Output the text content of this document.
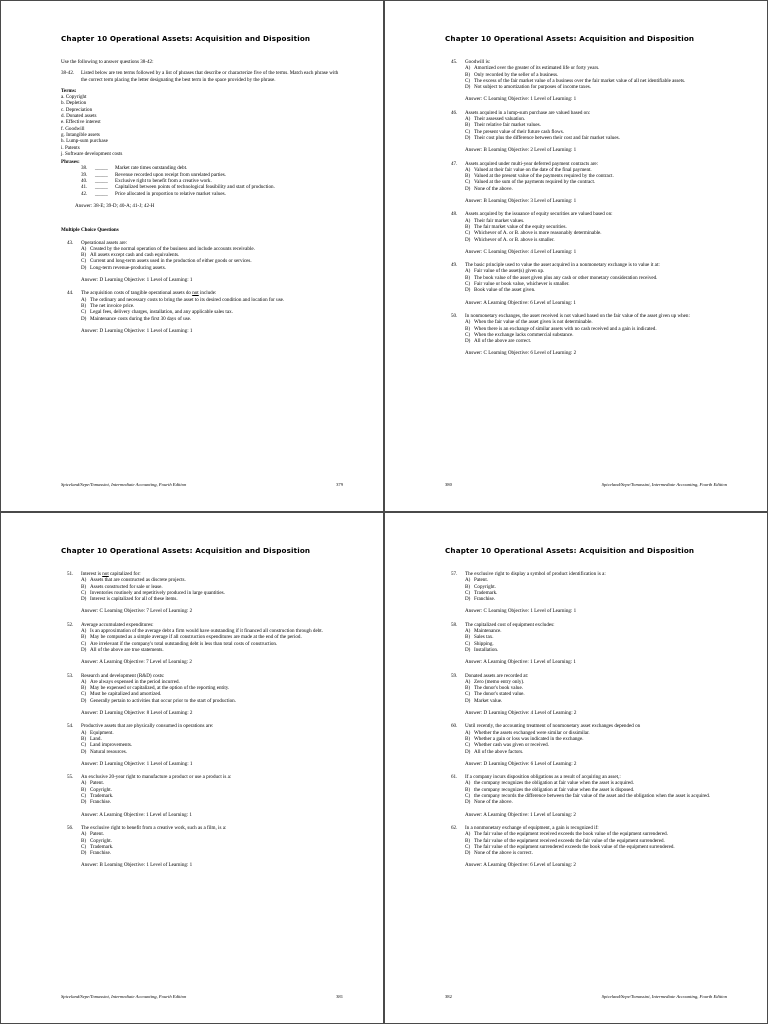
Chapter 10 Operational Assets: Acquisition and Disposition

Use the following to answer questions 38-42:

38-42.	Listed below are ten terms followed by a list of phrases that describe or characterize five of the terms. Match each phrase with the correct term placing the letter designating the best term in the space provided by the phrase.

Terms:

a. Copyright
b. Depletion
c. Depreciation
d. Donated assets
e. Effective interest
f. Goodwill
g. Intangible assets
h. Lump-sum purchase
i. Patents
j. Software development costs

Phrases:

38.	_____	Market rate times outstanding debt.
39.	_____	Revenue recorded upon receipt from unrelated parties.
40.	_____	Exclusive right to benefit from a creative work.
41.	_____	Capitalized between points of technological feasibility and start of production.
42.	_____	Price allocated in proportion to relative market values.

Answer: 38-E; 39-D; 40-A; 41-J; 42-H

Multiple Choice Questions

43.	Operational assets are:
A) Created by the normal operation of the business and include accounts receivable.
B) All assets except cash and cash equivalents.
C) Current and long-term assets used in the production of either goods or services.
D) Long-term revenue-producing assets.

Answer: D Learning Objective: 1 Level of Learning: 1

44.	The acquisition costs of tangible operational assets do not include:
A) The ordinary and necessary costs to bring the asset to its desired condition and location for use.
B) The net invoice price.
C) Legal fees, delivery charges, installation, and any applicable sales tax.
D) Maintenance costs during the first 30 days of use.

Answer: D Learning Objective: 1 Level of Learning: 1

Spiceland/Sepe/Tomassini, Intermediate Accounting, Fourth Edition	379
Chapter 10 Operational Assets: Acquisition and Disposition
45.	Goodwill is:
A) Amortized over the greater of its estimated life or forty years.
B) Only recorded by the seller of a business.
C) The excess of the fair market value of a business over the fair market value of all net identifiable assets.
D) Not subject to amortization for purposes of income taxes.

Answer: C Learning Objective: 1 Level of Learning: 1

46.	Assets acquired in a lump-sum purchase are valued based on:
A) Their assessed valuation.
B) Their relative fair market values.
C) The present value of their future cash flows.
D) Their cost plus the difference between their cost and fair market values.

Answer: B Learning Objective: 2 Level of Learning: 1

47.	Assets acquired under multi-year deferred payment contracts are:
A) Valued at their fair value on the date of the final payment.
B) Valued at the present value of the payments required by the contract.
C) Valued at the sum of the payments required by the contract.
D) None of the above.

Answer: B Learning Objective: 3 Level of Learning: 1

48.	Assets acquired by the issuance of equity securities are valued based on:
A) Their fair market values.
B) The fair market value of the equity securities.
C) Whichever of A. or B. above is more reasonably determinable.
D) Whichever of A. or B. above is smaller.

Answer: C Learning Objective: 4 Level of Learning: 1

49.	The basic principle used to value the asset acquired in a nonmonetary exchange is to value it at:
A) Fair value of the asset(s) given up.
B) The book value of the asset given plus any cash or other monetary consideration received.
C) Fair value or book value, whichever is smaller.
D) Book value of the asset given.

Answer: A Learning Objective: 6 Level of Learning: 1

50.	In nonmonetary exchanges, the asset received is not valued based on the fair value of the asset given up when:
A) When the fair value of the asset given is not determinable.
B) When there is an exchange of similar assets with no cash received and a gain is indicated.
C) When the exchange lacks commercial substance.
D) All of the above are correct.

Answer: C Learning Objective: 6 Level of Learning: 2

380	Spiceland/Sepe/Tomassini, Intermediate Accounting, Fourth Edition
Chapter 10 Operational Assets: Acquisition and Disposition
51.	Interest is not capitalized for:
A) Assets that are constructed as discrete projects.
B) Assets constructed for sale or lease.
C) Inventories routinely and repetitively produced in large quantities.
D) Interest is capitalized for all of these items.

Answer: C Learning Objective: 7 Level of Learning: 2

52.	Average accumulated expenditures:
A) Is an approximation of the average debt a firm would have outstanding if it financed all construction through debt.
B) May be computed as a simple average if all construction expenditures are made at the end of the period.
C) Are irrelevant if the company's total outstanding debt is less than total costs of construction.
D) All of the above are true statements.

Answer: A Learning Objective: 7 Level of Learning: 2

53.	Research and development (R&D) costs:
A) Are always expensed in the period incurred.
B) May be expensed or capitalized, at the option of the reporting entity.
C) Must be capitalized and amortized.
D) Generally pertain to activities that occur prior to the start of production.

Answer: D Learning Objective: 8 Level of Learning: 2

54.	Productive assets that are physically consumed in operations are:
A) Equipment.
B) Land.
C) Land improvements.
D) Natural resources.

Answer: D Learning Objective: 1 Level of Learning: 1

55.	An exclusive 20-year right to manufacture a product or use a product is a:
A) Patent.
B) Copyright.
C) Trademark.
D) Franchise.

Answer: A Learning Objective: 1 Level of Learning: 1

56.	The exclusive right to benefit from a creative work, such as a film, is a:
A) Patent.
B) Copyright.
C) Trademark.
D) Franchise.

Answer: B Learning Objective: 1 Level of Learning: 1

Spiceland/Sepe/Tomassini, Intermediate Accounting, Fourth Edition	381
Chapter 10 Operational Assets: Acquisition and Disposition
57.	The exclusive right to display a symbol of product identification is a:
A) Patent.
B) Copyright.
C) Trademark.
D) Franchise.

Answer: C Learning Objective: 1 Level of Learning: 1

58.	The capitalized cost of equipment excludes:
A) Maintenance.
B) Sales tax.
C) Shipping.
D) Installation.

Answer: A Learning Objective: 1 Level of Learning: 1

59.	Donated assets are recorded at:
A) Zero (memo entry only).
B) The donor's book value.
C) The donor's stated value.
D) Market value.

Answer: D Learning Objective: 4 Level of Learning: 2

60.	Until recently, the accounting treatment of nonmonetary asset exchanges depended on
A) Whether the assets exchanged were similar or dissimilar.
B) Whether a gain or loss was indicated in the exchange.
C) Whether cash was given or received.
D) All of the above factors.

Answer: D Learning Objective: 6 Level of Learning: 2

61.	If a company incurs disposition obligations as a result of acquiring an asset,:
A) the company recognizes the obligation at fair value when the asset is acquired.
B) the company recognizes the obligation at fair value when the asset is disposed.
C) the company records the difference between the fair value of the asset and the obligation when the asset is acquired.
D) None of the above.

Answer: A Learning Objective: 1 Level of Learning: 2

62.	In a nonmonetary exchange of equipment, a gain is recognized if:
A) The fair value of the equipment received exceeds the book value of the equipment surrendered.
B) The fair value of the equipment received exceeds the fair value of the equipment surrendered.
C) The fair value of the equipment surrendered exceeds the book value of the equipment surrendered.
D) None of the above is correct.

Answer: A Learning Objective: 6 Level of Learning: 2

382	Spiceland/Sepe/Tomassini, Intermediate Accounting, Fourth Edition
